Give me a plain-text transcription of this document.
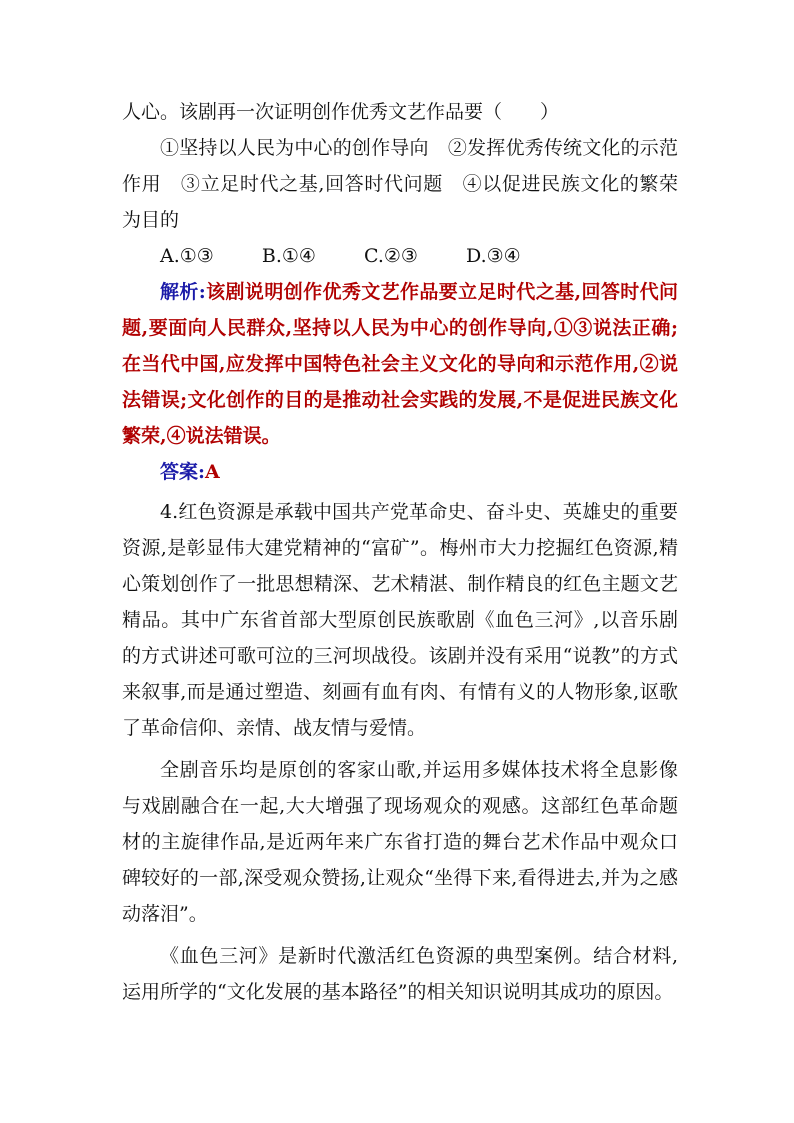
人心。该剧再一次证明创作优秀文艺作品要（ ）

①坚持以人民为中心的创作导向　②发挥优秀传统文化的示范作用　③立足时代之基,回答时代问题　④以促进民族文化的繁荣为目的

A.①③	B.①④	C.②③	D.③④

解析:该剧说明创作优秀文艺作品要立足时代之基,回答时代问题,要面向人民群众,坚持以人民为中心的创作导向,①③说法正确;在当代中国,应发挥中国特色社会主义文化的导向和示范作用,②说法错误;文化创作的目的是推动社会实践的发展,不是促进民族文化繁荣,④说法错误。

答案:A

4.红色资源是承载中国共产党革命史、奋斗史、英雄史的重要资源,是彰显伟大建党精神的“富矿”。梅州市大力挖掘红色资源,精心策划创作了一批思想精深、艺术精湛、制作精良的红色主题文艺精品。其中广东省首部大型原创民族歌剧《血色三河》,以音乐剧的方式讲述可歌可泣的三河坝战役。该剧并没有采用“说教”的方式来叙事,而是通过塑造、刻画有血有肉、有情有义的人物形象,讴歌了革命信仰、亲情、战友情与爱情。

全剧音乐均是原创的客家山歌,并运用多媒体技术将全息影像与戏剧融合在一起,大大增强了现场观众的观感。这部红色革命题材的主旋律作品,是近两年来广东省打造的舞台艺术作品中观众口碑较好的一部,深受观众赞扬,让观众“坐得下来,看得进去,并为之感动落泪”。

《血色三河》是新时代激活红色资源的典型案例。结合材料,运用所学的“文化发展的基本路径”的相关知识说明其成功的原因。
